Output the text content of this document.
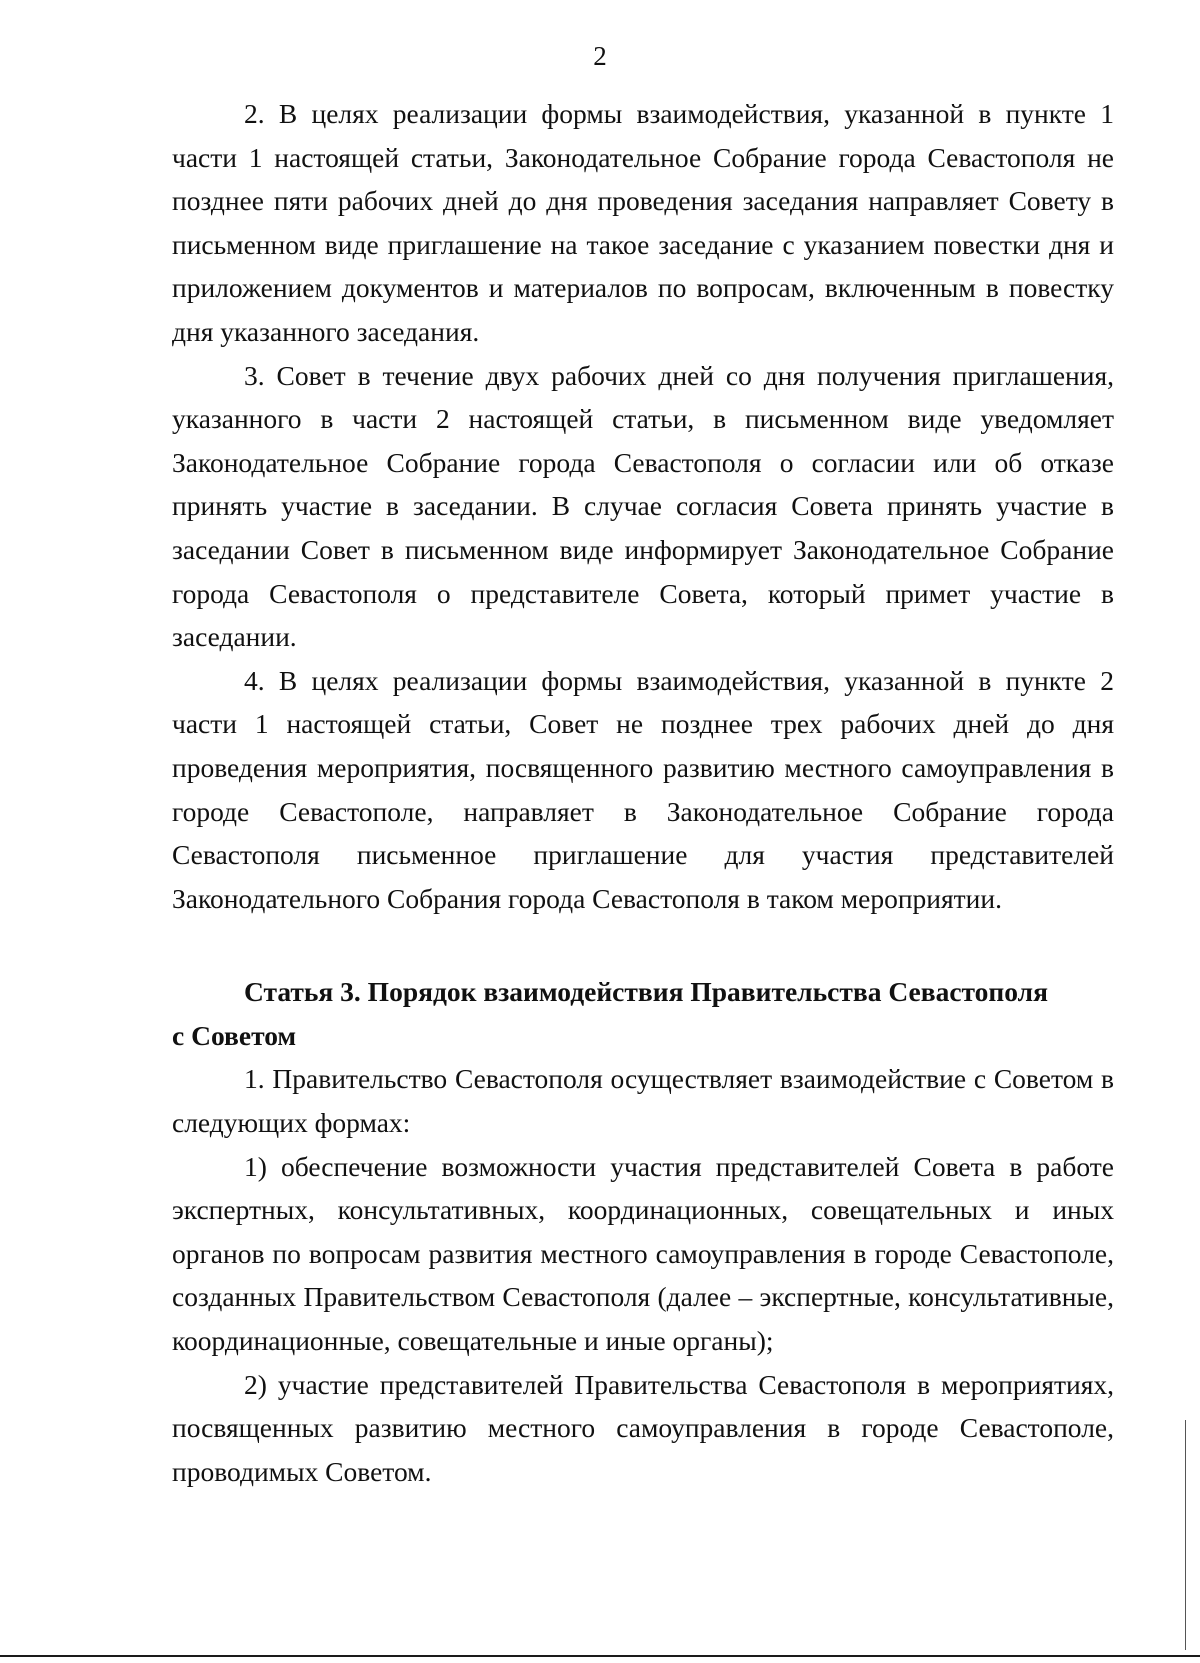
2

2. В целях реализации формы взаимодействия, указанной в пункте 1 части 1 настоящей статьи, Законодательное Собрание города Севастополя не позднее пяти рабочих дней до дня проведения заседания направляет Совету в письменном виде приглашение на такое заседание с указанием повестки дня и приложением документов и материалов по вопросам, включенным в повестку дня указанного заседания.

3. Совет в течение двух рабочих дней со дня получения приглашения, указанного в части 2 настоящей статьи, в письменном виде уведомляет Законодательное Собрание города Севастополя о согласии или об отказе принять участие в заседании. В случае согласия Совета принять участие в заседании Совет в письменном виде информирует Законодательное Собрание города Севастополя о представителе Совета, который примет участие в заседании.

4. В целях реализации формы взаимодействия, указанной в пункте 2 части 1 настоящей статьи, Совет не позднее трех рабочих дней до дня проведения мероприятия, посвященного развитию местного самоуправления в городе Севастополе, направляет в Законодательное Собрание города Севастополя письменное приглашение для участия представителей Законодательного Собрания города Севастополя в таком мероприятии.

Статья 3. Порядок взаимодействия Правительства Севастополя

с Советом

1. Правительство Севастополя осуществляет взаимодействие с Советом в следующих формах:

1) обеспечение возможности участия представителей Совета в работе экспертных, консультативных, координационных, совещательных и иных органов по вопросам развития местного самоуправления в городе Севастополе, созданных Правительством Севастополя (далее – экспертные, консультативные, координационные, совещательные и иные органы);

2) участие представителей Правительства Севастополя в мероприятиях, посвященных развитию местного самоуправления в городе Севастополе, проводимых Советом.
